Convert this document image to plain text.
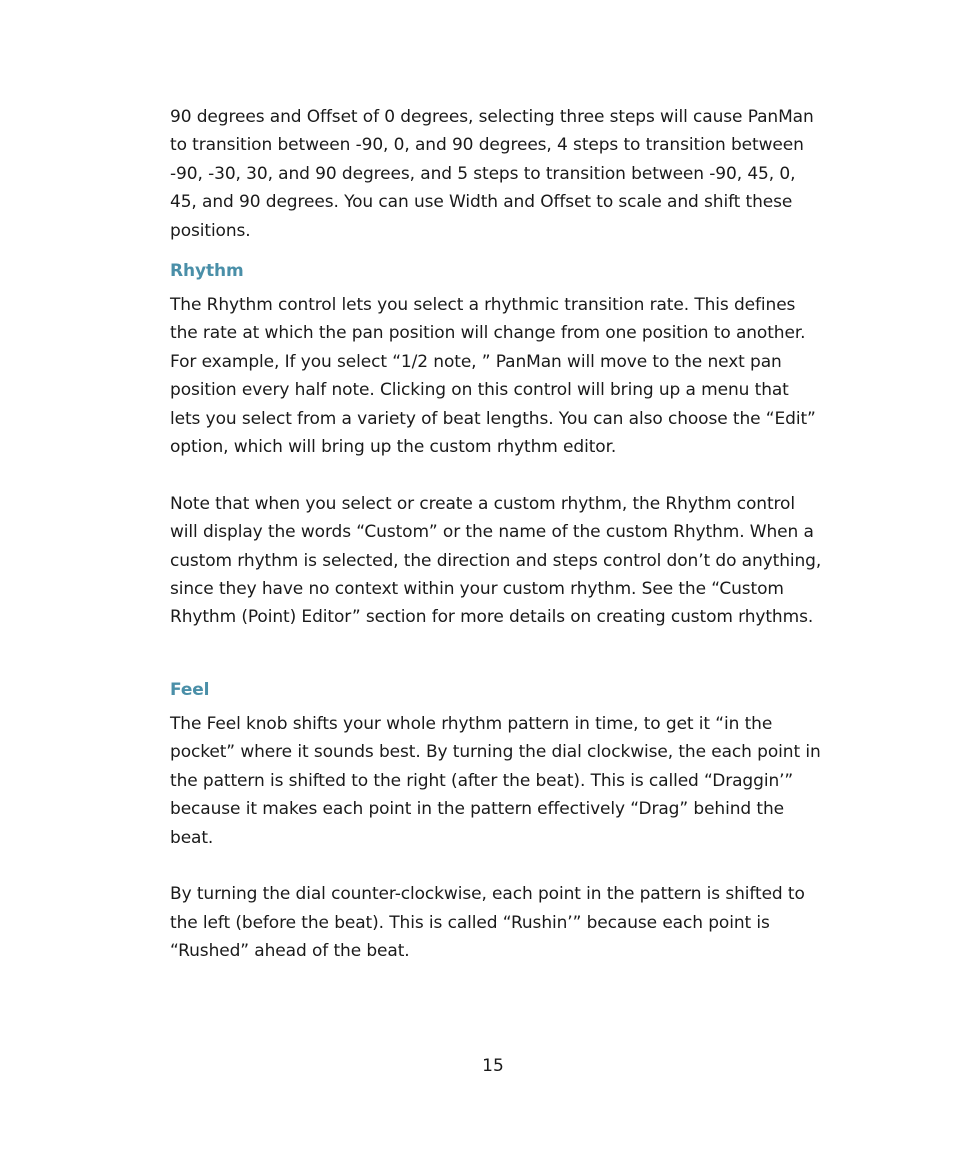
90 degrees and Offset of 0 degrees, selecting three steps will cause PanMan to transition between -90, 0, and 90 degrees, 4 steps to transition between -90, -30, 30, and 90 degrees, and 5 steps to transition between -90, 45, 0, 45, and 90 degrees. You can use Width and Offset to scale and shift these positions.

Rhythm

The Rhythm control lets you select a rhythmic transition rate. This defines the rate at which the pan position will change from one position to another. For example, If you select “1/2 note, ” PanMan will move to the next pan position every half note. Clicking on this control will bring up a menu that lets you select from a variety of beat lengths. You can also choose the “Edit” option, which will bring up the custom rhythm editor.

Note that when you select or create a custom rhythm, the Rhythm control will display the words “Custom” or the name of the custom Rhythm. When a custom rhythm is selected, the direction and steps control don’t do anything, since they have no context within your custom rhythm. See the “Custom Rhythm (Point) Editor” section for more details on creating custom rhythms.

Feel

The Feel knob shifts your whole rhythm pattern in time, to get it “in the pocket” where it sounds best. By turning the dial clockwise, the each point in the pattern is shifted to the right (after the beat). This is called “Draggin’” because it makes each point in the pattern effectively “Drag” behind the beat.

By turning the dial counter-clockwise, each point in the pattern is shifted to the left (before the beat). This is called “Rushin’” because each point is “Rushed” ahead of the beat.

15
